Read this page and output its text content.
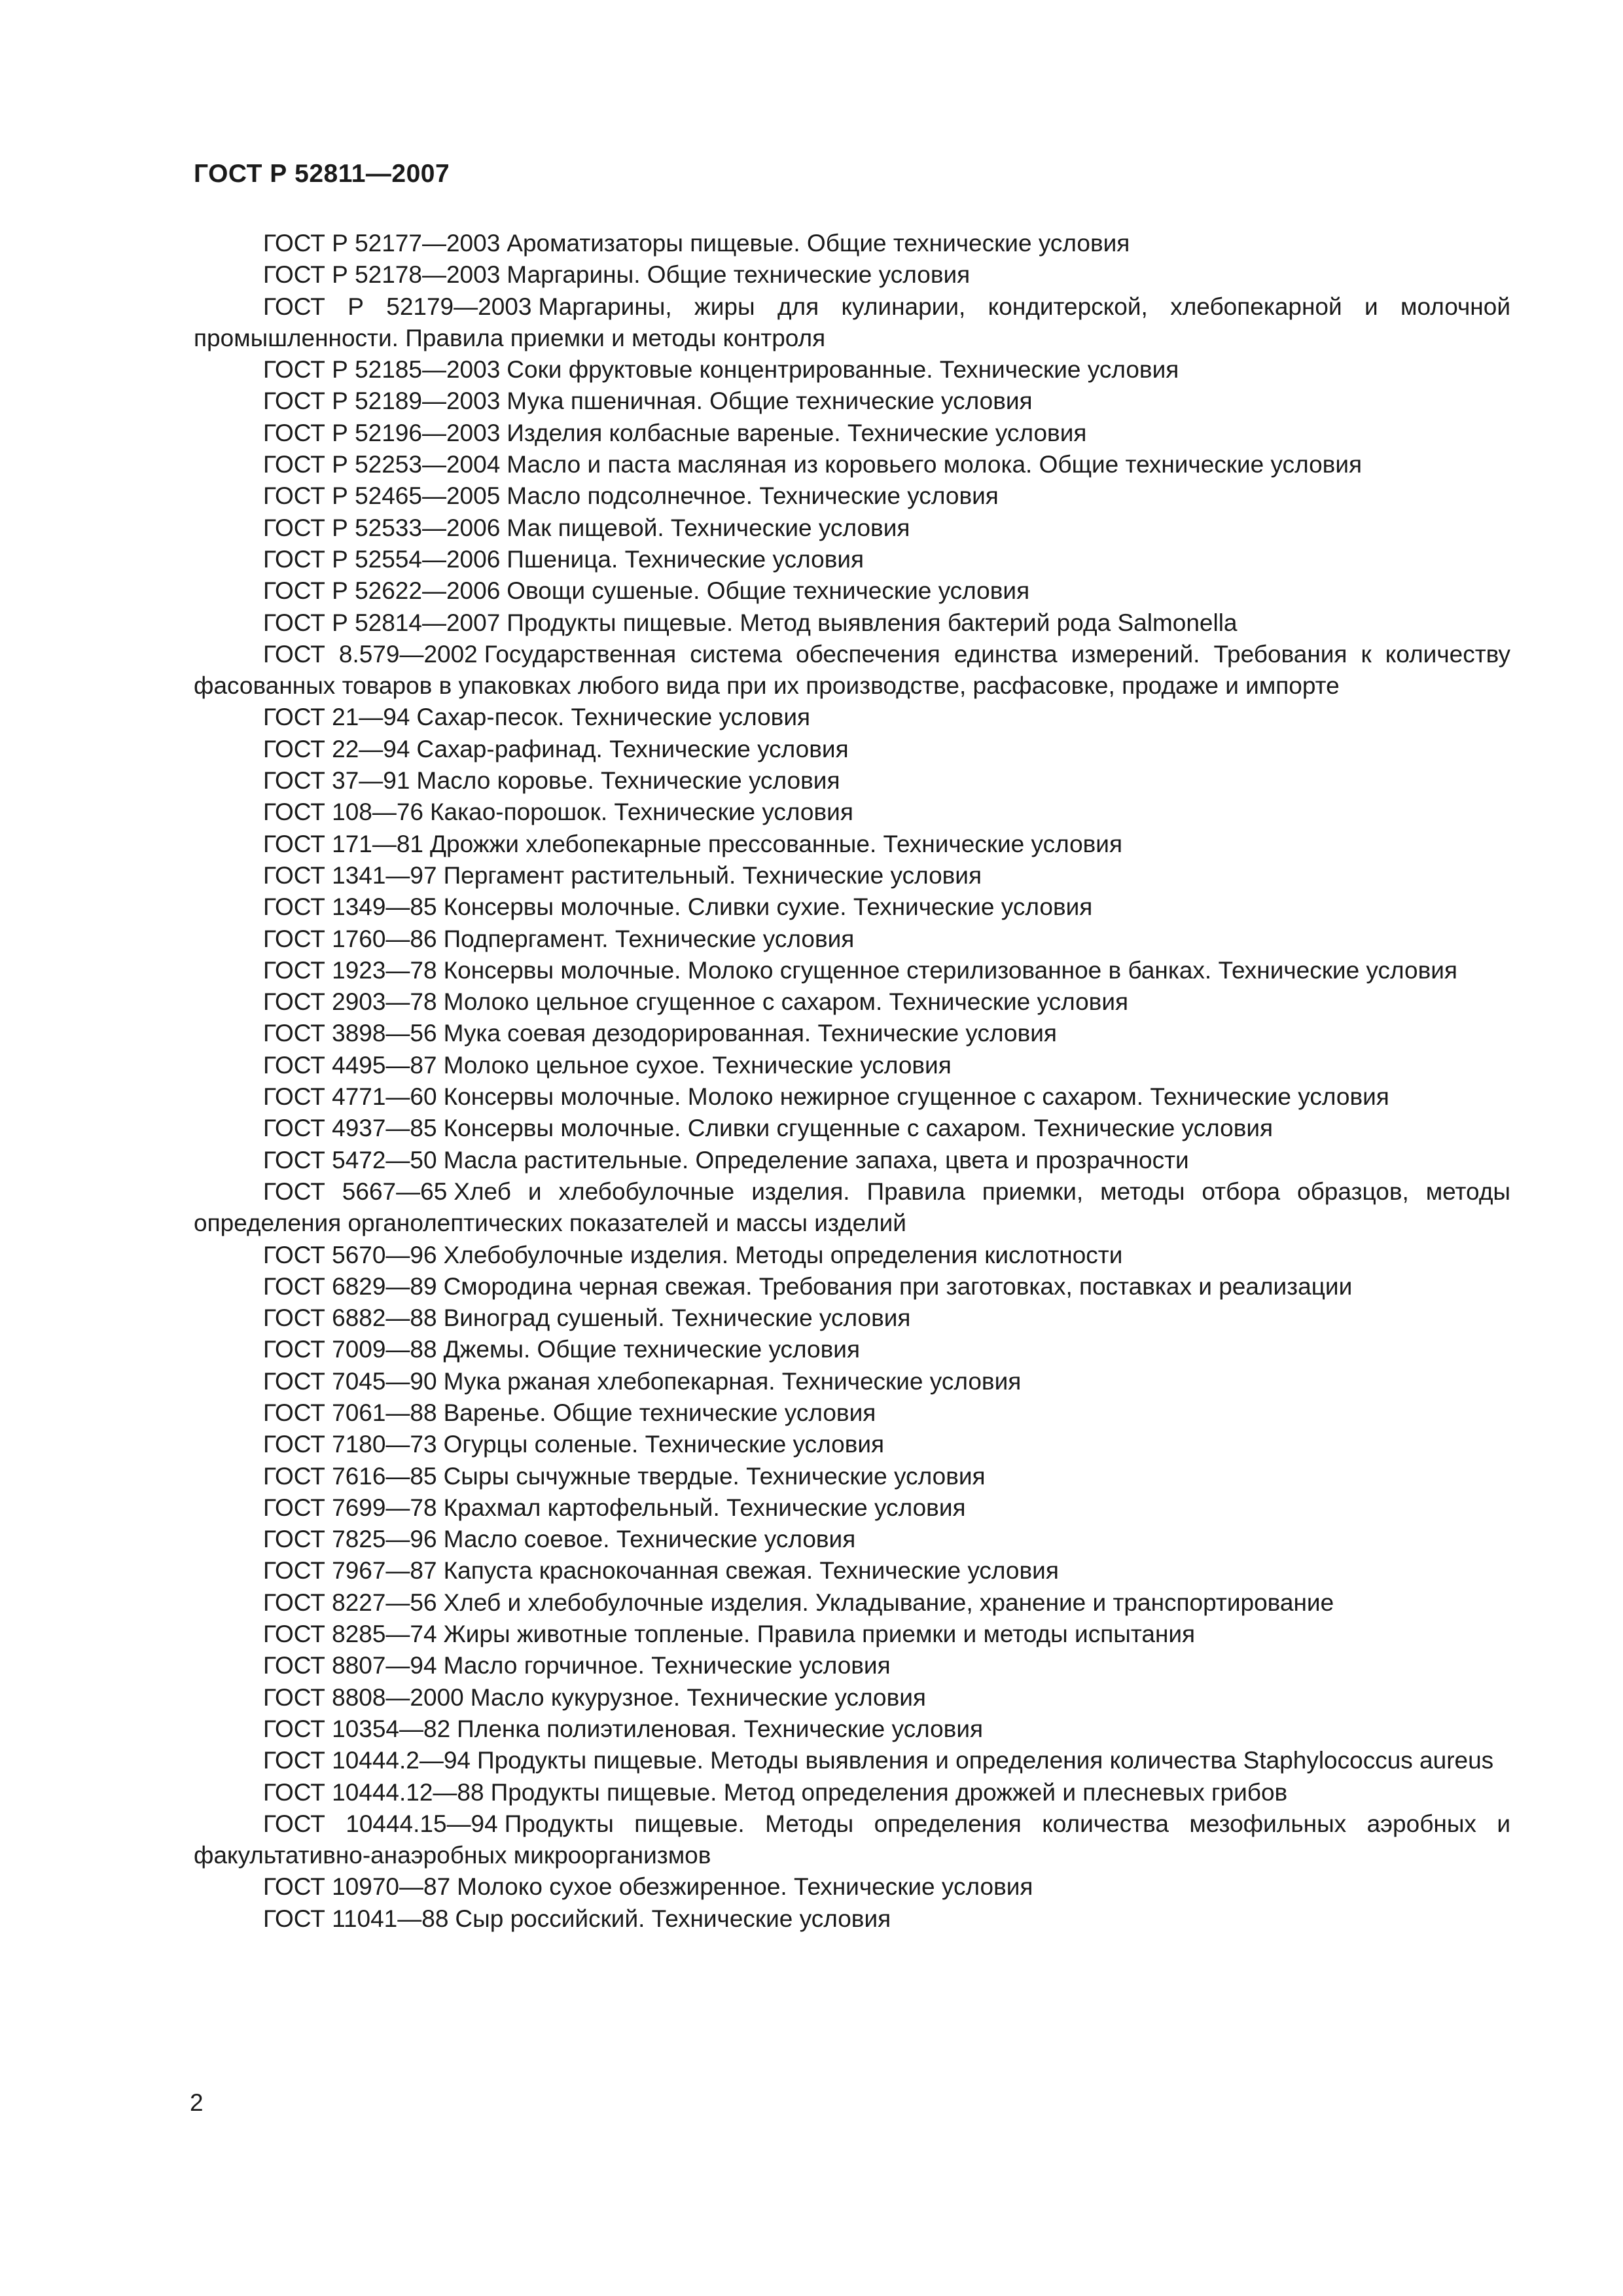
ГОСТ Р 52811—2007
ГОСТ Р 52177—2003 Ароматизаторы пищевые. Общие технические условия
ГОСТ Р 52178—2003 Маргарины. Общие технические условия
ГОСТ Р 52179—2003 Маргарины, жиры для кулинарии, кондитерской, хлебопекарной и молочной промышленности. Правила приемки и методы контроля
ГОСТ Р 52185—2003 Соки фруктовые концентрированные. Технические условия
ГОСТ Р 52189—2003 Мука пшеничная. Общие технические условия
ГОСТ Р 52196—2003 Изделия колбасные вареные. Технические условия
ГОСТ Р 52253—2004 Масло и паста масляная из коровьего молока. Общие технические условия
ГОСТ Р 52465—2005 Масло подсолнечное. Технические условия
ГОСТ Р 52533—2006 Мак пищевой. Технические условия
ГОСТ Р 52554—2006 Пшеница. Технические условия
ГОСТ Р 52622—2006 Овощи сушеные. Общие технические условия
ГОСТ Р 52814—2007 Продукты пищевые. Метод выявления бактерий рода Salmonella
ГОСТ 8.579—2002 Государственная система обеспечения единства измерений. Требования к количеству фасованных товаров в упаковках любого вида при их производстве, расфасовке, продаже и импорте
ГОСТ 21—94 Сахар-песок. Технические условия
ГОСТ 22—94 Сахар-рафинад. Технические условия
ГОСТ 37—91 Масло коровье. Технические условия
ГОСТ 108—76 Какао-порошок. Технические условия
ГОСТ 171—81 Дрожжи хлебопекарные прессованные. Технические условия
ГОСТ 1341—97 Пергамент растительный. Технические условия
ГОСТ 1349—85 Консервы молочные. Сливки сухие. Технические условия
ГОСТ 1760—86 Подпергамент. Технические условия
ГОСТ 1923—78 Консервы молочные. Молоко сгущенное стерилизованное в банках. Технические условия
ГОСТ 2903—78 Молоко цельное сгущенное с сахаром. Технические условия
ГОСТ 3898—56 Мука соевая дезодорированная. Технические условия
ГОСТ 4495—87 Молоко цельное сухое. Технические условия
ГОСТ 4771—60 Консервы молочные. Молоко нежирное сгущенное с сахаром. Технические условия
ГОСТ 4937—85 Консервы молочные. Сливки сгущенные с сахаром. Технические условия
ГОСТ 5472—50 Масла растительные. Определение запаха, цвета и прозрачности
ГОСТ 5667—65 Хлеб и хлебобулочные изделия. Правила приемки, методы отбора образцов, методы определения органолептических показателей и массы изделий
ГОСТ 5670—96 Хлебобулочные изделия. Методы определения кислотности
ГОСТ 6829—89 Смородина черная свежая. Требования при заготовках, поставках и реализации
ГОСТ 6882—88 Виноград сушеный. Технические условия
ГОСТ 7009—88 Джемы. Общие технические условия
ГОСТ 7045—90 Мука ржаная хлебопекарная. Технические условия
ГОСТ 7061—88 Варенье. Общие технические условия
ГОСТ 7180—73 Огурцы соленые. Технические условия
ГОСТ 7616—85 Сыры сычужные твердые. Технические условия
ГОСТ 7699—78 Крахмал картофельный. Технические условия
ГОСТ 7825—96 Масло соевое. Технические условия
ГОСТ 7967—87 Капуста краснокочанная свежая. Технические условия
ГОСТ 8227—56 Хлеб и хлебобулочные изделия. Укладывание, хранение и транспортирование
ГОСТ 8285—74 Жиры животные топленые. Правила приемки и методы испытания
ГОСТ 8807—94 Масло горчичное. Технические условия
ГОСТ 8808—2000 Масло кукурузное. Технические условия
ГОСТ 10354—82 Пленка полиэтиленовая. Технические условия
ГОСТ 10444.2—94 Продукты пищевые. Методы выявления и определения количества Staphylococcus aureus
ГОСТ 10444.12—88 Продукты пищевые. Метод определения дрожжей и плесневых грибов
ГОСТ 10444.15—94 Продукты пищевые. Методы определения количества мезофильных аэробных и факультативно-анаэробных микроорганизмов
ГОСТ 10970—87 Молоко сухое обезжиренное. Технические условия
ГОСТ 11041—88 Сыр российский. Технические условия
2
